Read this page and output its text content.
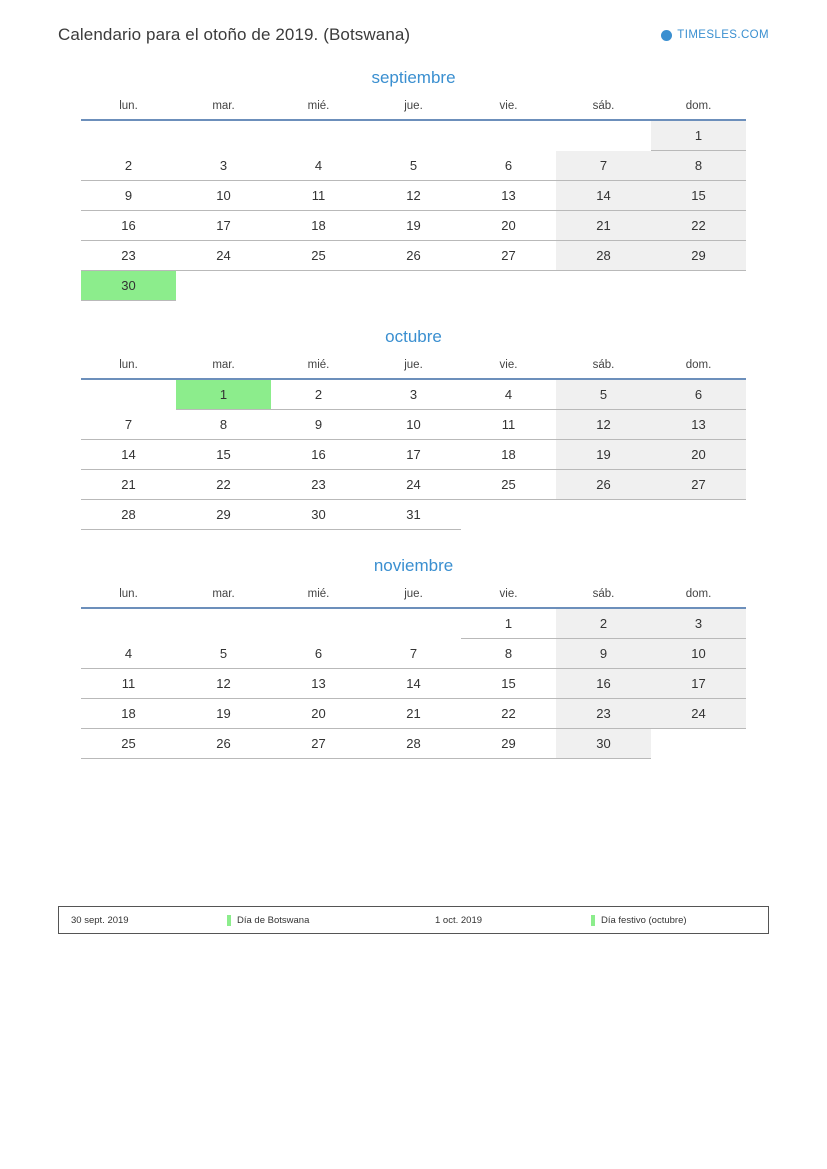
Calendario para el otoño de 2019. (Botswana)	TIMESLES.COM
septiembre
lun.	mar.	mié.	jue.	vie.	sáb.	dom.

						1

2	3	4	5	6	7	8

9	10	11	12	13	14	15

16	17	18	19	20	21	22

23	24	25	26	27	28	29

30						

octubre
lun.	mar.	mié.	jue.	vie.	sáb.	dom.

	1	2	3	4	5	6

7	8	9	10	11	12	13

14	15	16	17	18	19	20

21	22	23	24	25	26	27

28	29	30	31			

noviembre
lun.	mar.	mié.	jue.	vie.	sáb.	dom.

				1	2	3

4	5	6	7	8	9	10

11	12	13	14	15	16	17

18	19	20	21	22	23	24

25	26	27	28	29	30	

30 sept. 2019	Día de Botswana	1 oct. 2019	Día festivo (octubre)
